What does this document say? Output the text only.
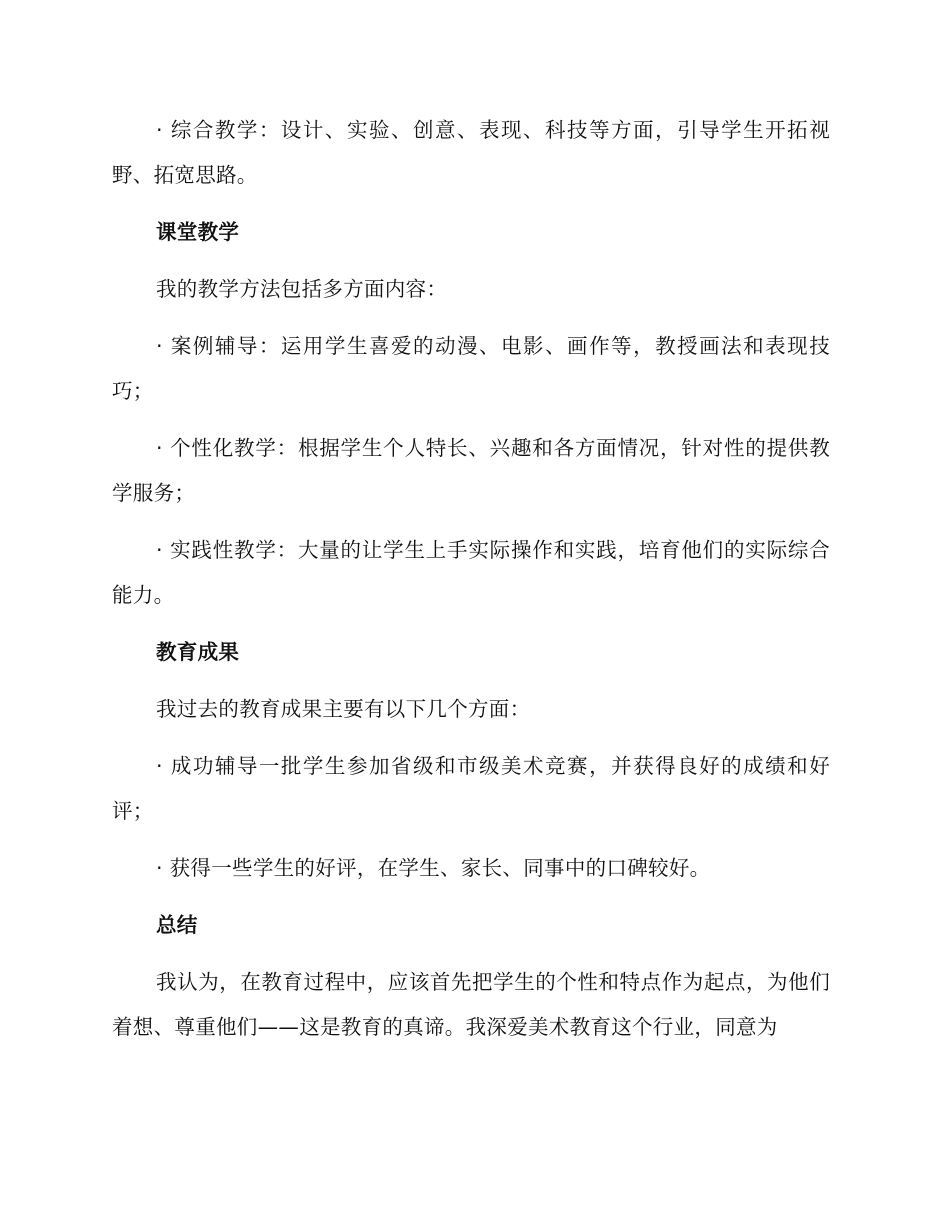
· 综合教学：设计、实验、创意、表现、科技等方面，引导学生开拓视野、拓宽思路。

课堂教学

我的教学方法包括多方面内容：

· 案例辅导：运用学生喜爱的动漫、电影、画作等，教授画法和表现技巧；

· 个性化教学：根据学生个人特长、兴趣和各方面情况，针对性的提供教学服务；

· 实践性教学：大量的让学生上手实际操作和实践，培育他们的实际综合能力。

教育成果

我过去的教育成果主要有以下几个方面：

· 成功辅导一批学生参加省级和市级美术竞赛，并获得良好的成绩和好评；

· 获得一些学生的好评，在学生、家长、同事中的口碑较好。

总结

我认为，在教育过程中，应该首先把学生的个性和特点作为起点，为他们着想、尊重他们——这是教育的真谛。我深爱美术教育这个行业，同意为
